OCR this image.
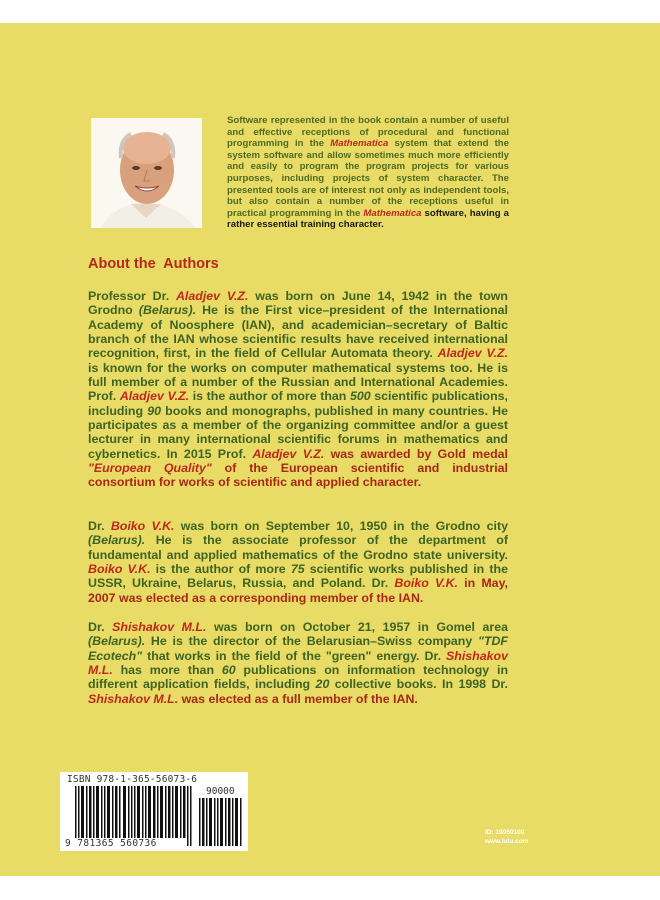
Software represented in the book contain a number of useful and effective receptions of procedural and functional programming in the Mathematica system that extend the system software and allow sometimes much more efficiently and easily to program the program projects for various purposes, including projects of system character. The presented tools are of interest not only as independent tools, but also contain a number of the receptions useful in practical programming in the Mathematica software, having a rather essential training character.
About the  Authors
Professor Dr. Aladjev V.Z. was born on June 14, 1942 in the town Grodno (Belarus). He is the First vice–president of the International Academy of Noosphere (IAN), and academician–secretary of Baltic branch of the IAN whose scientific results have received international recognition, first, in the field of Cellular Automata theory. Aladjev V.Z. is known for the works on computer mathematical systems too. He is full member of a number of the Russian and International Academies. Prof. Aladjev V.Z. is the author of more than 500 scientific publications, including 90 books and monographs, published in many countries. He participates as a member of the organizing committee and/or a guest lecturer in many international scientific forums in mathematics and cybernetics. In 2015 Prof. Aladjev V.Z. was awarded by Gold medal "European Quality" of the European scientific and industrial consortium for works of scientific and applied character.
Dr. Boiko V.K. was born on September 10, 1950 in the Grodno city (Belarus). He is the associate professor of the department of fundamental and applied mathematics of the Grodno state university. Boiko V.K. is the author of more 75 scientific works published in the USSR, Ukraine, Belarus, Russia, and Poland. Dr. Boiko V.K. in May, 2007 was elected as a corresponding member of the IAN.
Dr. Shishakov M.L. was born on October 21, 1957 in Gomel area (Belarus). He is the director of the Belarusian–Swiss company "TDF Ecotech" that works in the field of the "green" energy. Dr. Shishakov M.L. has more than 60 publications on information technology in different application fields, including 20 collective books. In 1998 Dr. Shishakov M.L. was elected as a full member of the IAN.
ISBN 978-1-365-56073-6
90000
9 781365 560736
ID: 19950100
www.lulu.com
